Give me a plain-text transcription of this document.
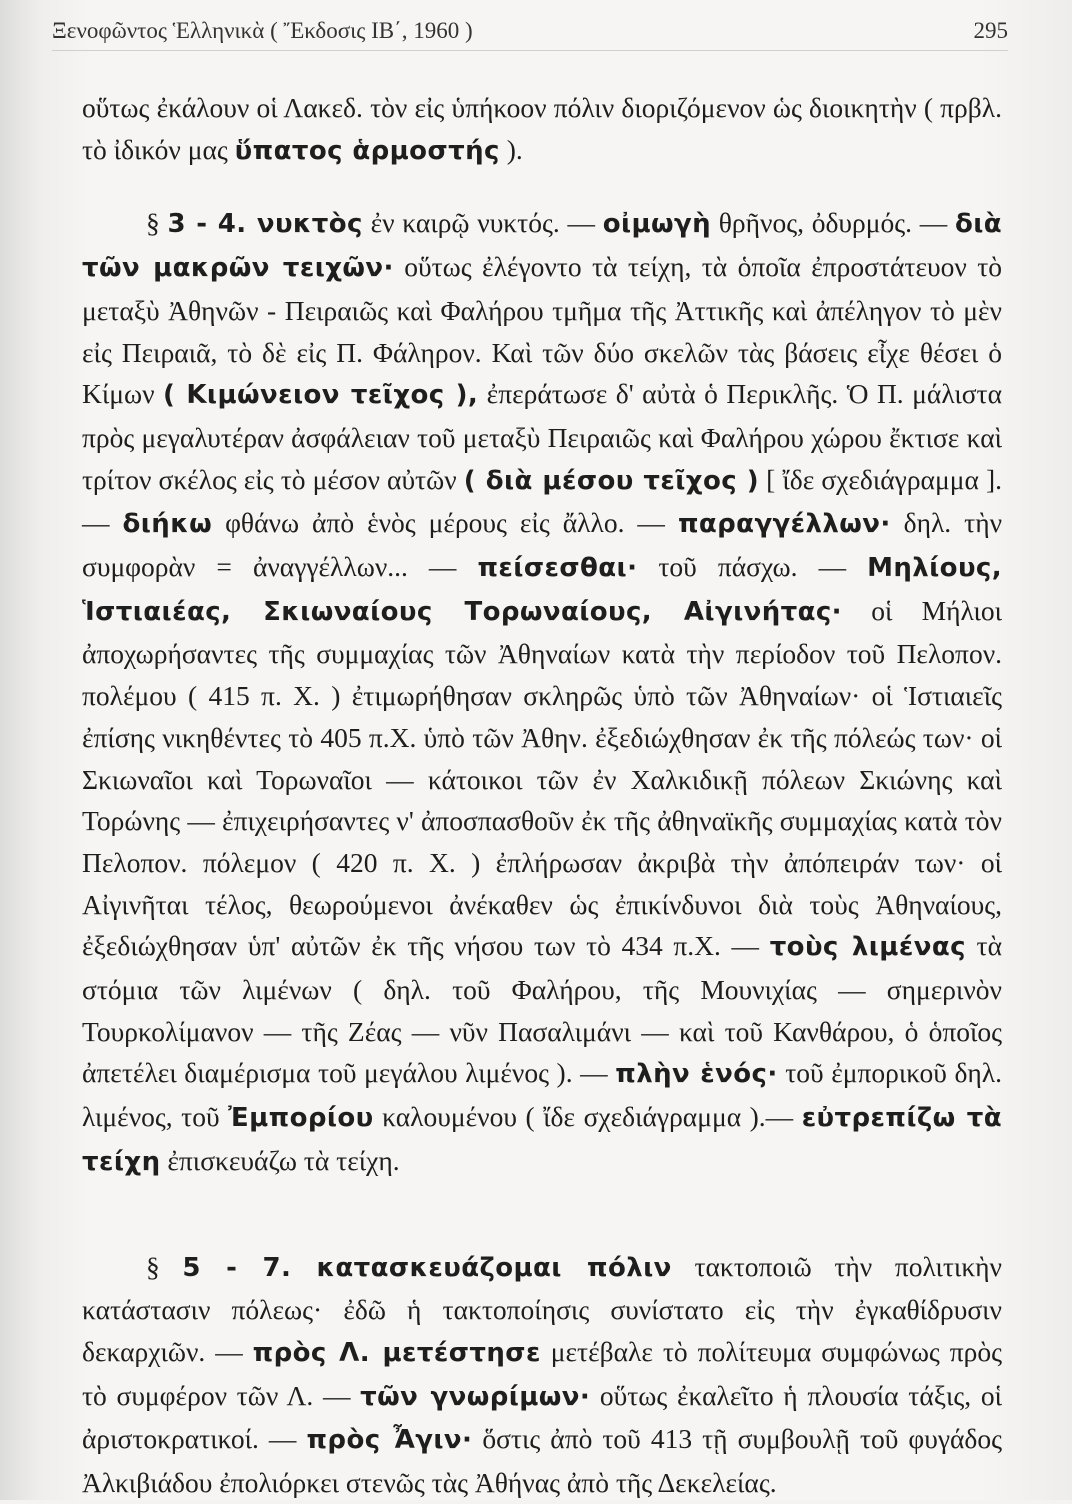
Ξενοφῶντος Ἑλληνικὰ ( Ἔκδοσις ΙΒ΄, 1960 )	295

οὕτως ἐκάλουν οἱ Λακεδ. τὸν εἰς ὑπήκοον πόλιν διοριζόμενον ὡς διοικητὴν ( πρβλ. τὸ ἰδικόν μας ὕπατος ἁρμοστής ).

§ 3 - 4. νυκτὸς ἐν καιρῷ νυκτός. — οἰμωγὴ θρῆνος, ὀδυρμός. — διὰ τῶν μακρῶν τειχῶν· οὕτως ἐλέγοντο τὰ τείχη, τὰ ὁποῖα ἐπροστάτευον τὸ μεταξὺ Ἀθηνῶν - Πειραιῶς καὶ Φαλήρου τμῆμα τῆς Ἀττικῆς καὶ ἀπέληγον τὸ μὲν εἰς Πειραιᾶ, τὸ δὲ εἰς Π. Φάληρον. Καὶ τῶν δύο σκελῶν τὰς βάσεις εἶχε θέσει ὁ Κίμων ( Κιμώνειον τεῖχος ), ἐπεράτωσε δ' αὐτὰ ὁ Περικλῆς. Ὁ Π. μάλιστα πρὸς μεγαλυτέραν ἀσφάλειαν τοῦ μεταξὺ Πειραιῶς καὶ Φαλήρου χώρου ἔκτισε καὶ τρίτον σκέλος εἰς τὸ μέσον αὐτῶν ( διὰ μέσου τεῖχος ) [ ἴδε σχεδιάγραμμα ]. — διήκω φθάνω ἀπὸ ἑνὸς μέρους εἰς ἄλλο. — παραγγέλλων· δηλ. τὴν συμφορὰν = ἀναγγέλλων... — πείσεσθαι· τοῦ πάσχω. — Μηλίους, Ἱστιαιέας, Σκιωναίους Τορωναίους, Αἰγινήτας· οἱ Μήλιοι ἀποχωρήσαντες τῆς συμμαχίας τῶν Ἀθηναίων κατὰ τὴν περίοδον τοῦ Πελοπον. πολέμου ( 415 π. Χ. ) ἐτιμωρήθησαν σκληρῶς ὑπὸ τῶν Ἀθηναίων· οἱ Ἱστιαιεῖς ἐπίσης νικηθέντες τὸ 405 π.Χ. ὑπὸ τῶν Ἀθην. ἐξεδιώχθησαν ἐκ τῆς πόλεώς των· οἱ Σκιωναῖοι καὶ Τορωναῖοι — κάτοικοι τῶν ἐν Χαλκιδικῇ πόλεων Σκιώνης καὶ Τορώνης — ἐπιχειρήσαντες ν' ἀποσπασθοῦν ἐκ τῆς ἀθηναϊκῆς συμμαχίας κατὰ τὸν Πελοπον. πόλεμον ( 420 π. Χ. ) ἐπλήρωσαν ἀκριβὰ τὴν ἀπόπειράν των· οἱ Αἰγινῆται τέλος, θεωρούμενοι ἀνέκαθεν ὡς ἐπικίνδυνοι διὰ τοὺς Ἀθηναίους, ἐξεδιώχθησαν ὑπ' αὐτῶν ἐκ τῆς νήσου των τὸ 434 π.Χ. — τοὺς λιμένας τὰ στόμια τῶν λιμένων ( δηλ. τοῦ Φαλήρου, τῆς Μουνιχίας — σημερινὸν Τουρκολίμανον — τῆς Ζέας — νῦν Πασαλιμάνι — καὶ τοῦ Κανθάρου, ὁ ὁποῖος ἀπετέλει διαμέρισμα τοῦ μεγάλου λιμένος ). — πλὴν ἑνός· τοῦ ἐμπορικοῦ δηλ. λιμένος, τοῦ Ἐμπορίου καλουμένου ( ἴδε σχεδιάγραμμα ).— εὐτρεπίζω τὰ τείχη ἐπισκευάζω τὰ τείχη.

§ 5 - 7. κατασκευάζομαι πόλιν τακτοποιῶ τὴν πολιτικὴν κατάστασιν πόλεως· ἐδῶ ἡ τακτοποίησις συνίστατο εἰς τὴν ἐγκαθίδρυσιν δεκαρχιῶν. — πρὸς Λ. μετέστησε μετέβαλε τὸ πολίτευμα συμφώνως πρὸς τὸ συμφέρον τῶν Λ. — τῶν γνωρίμων· οὕτως ἐκαλεῖτο ἡ πλουσία τάξις, οἱ ἀριστοκρατικοί. — πρὸς Ἆγιν· ὅστις ἀπὸ τοῦ 413 τῇ συμβουλῇ τοῦ φυγάδος Ἀλκιβιάδου ἐπολιόρκει στενῶς τὰς Ἀθήνας ἀπὸ τῆς Δεκελείας.
